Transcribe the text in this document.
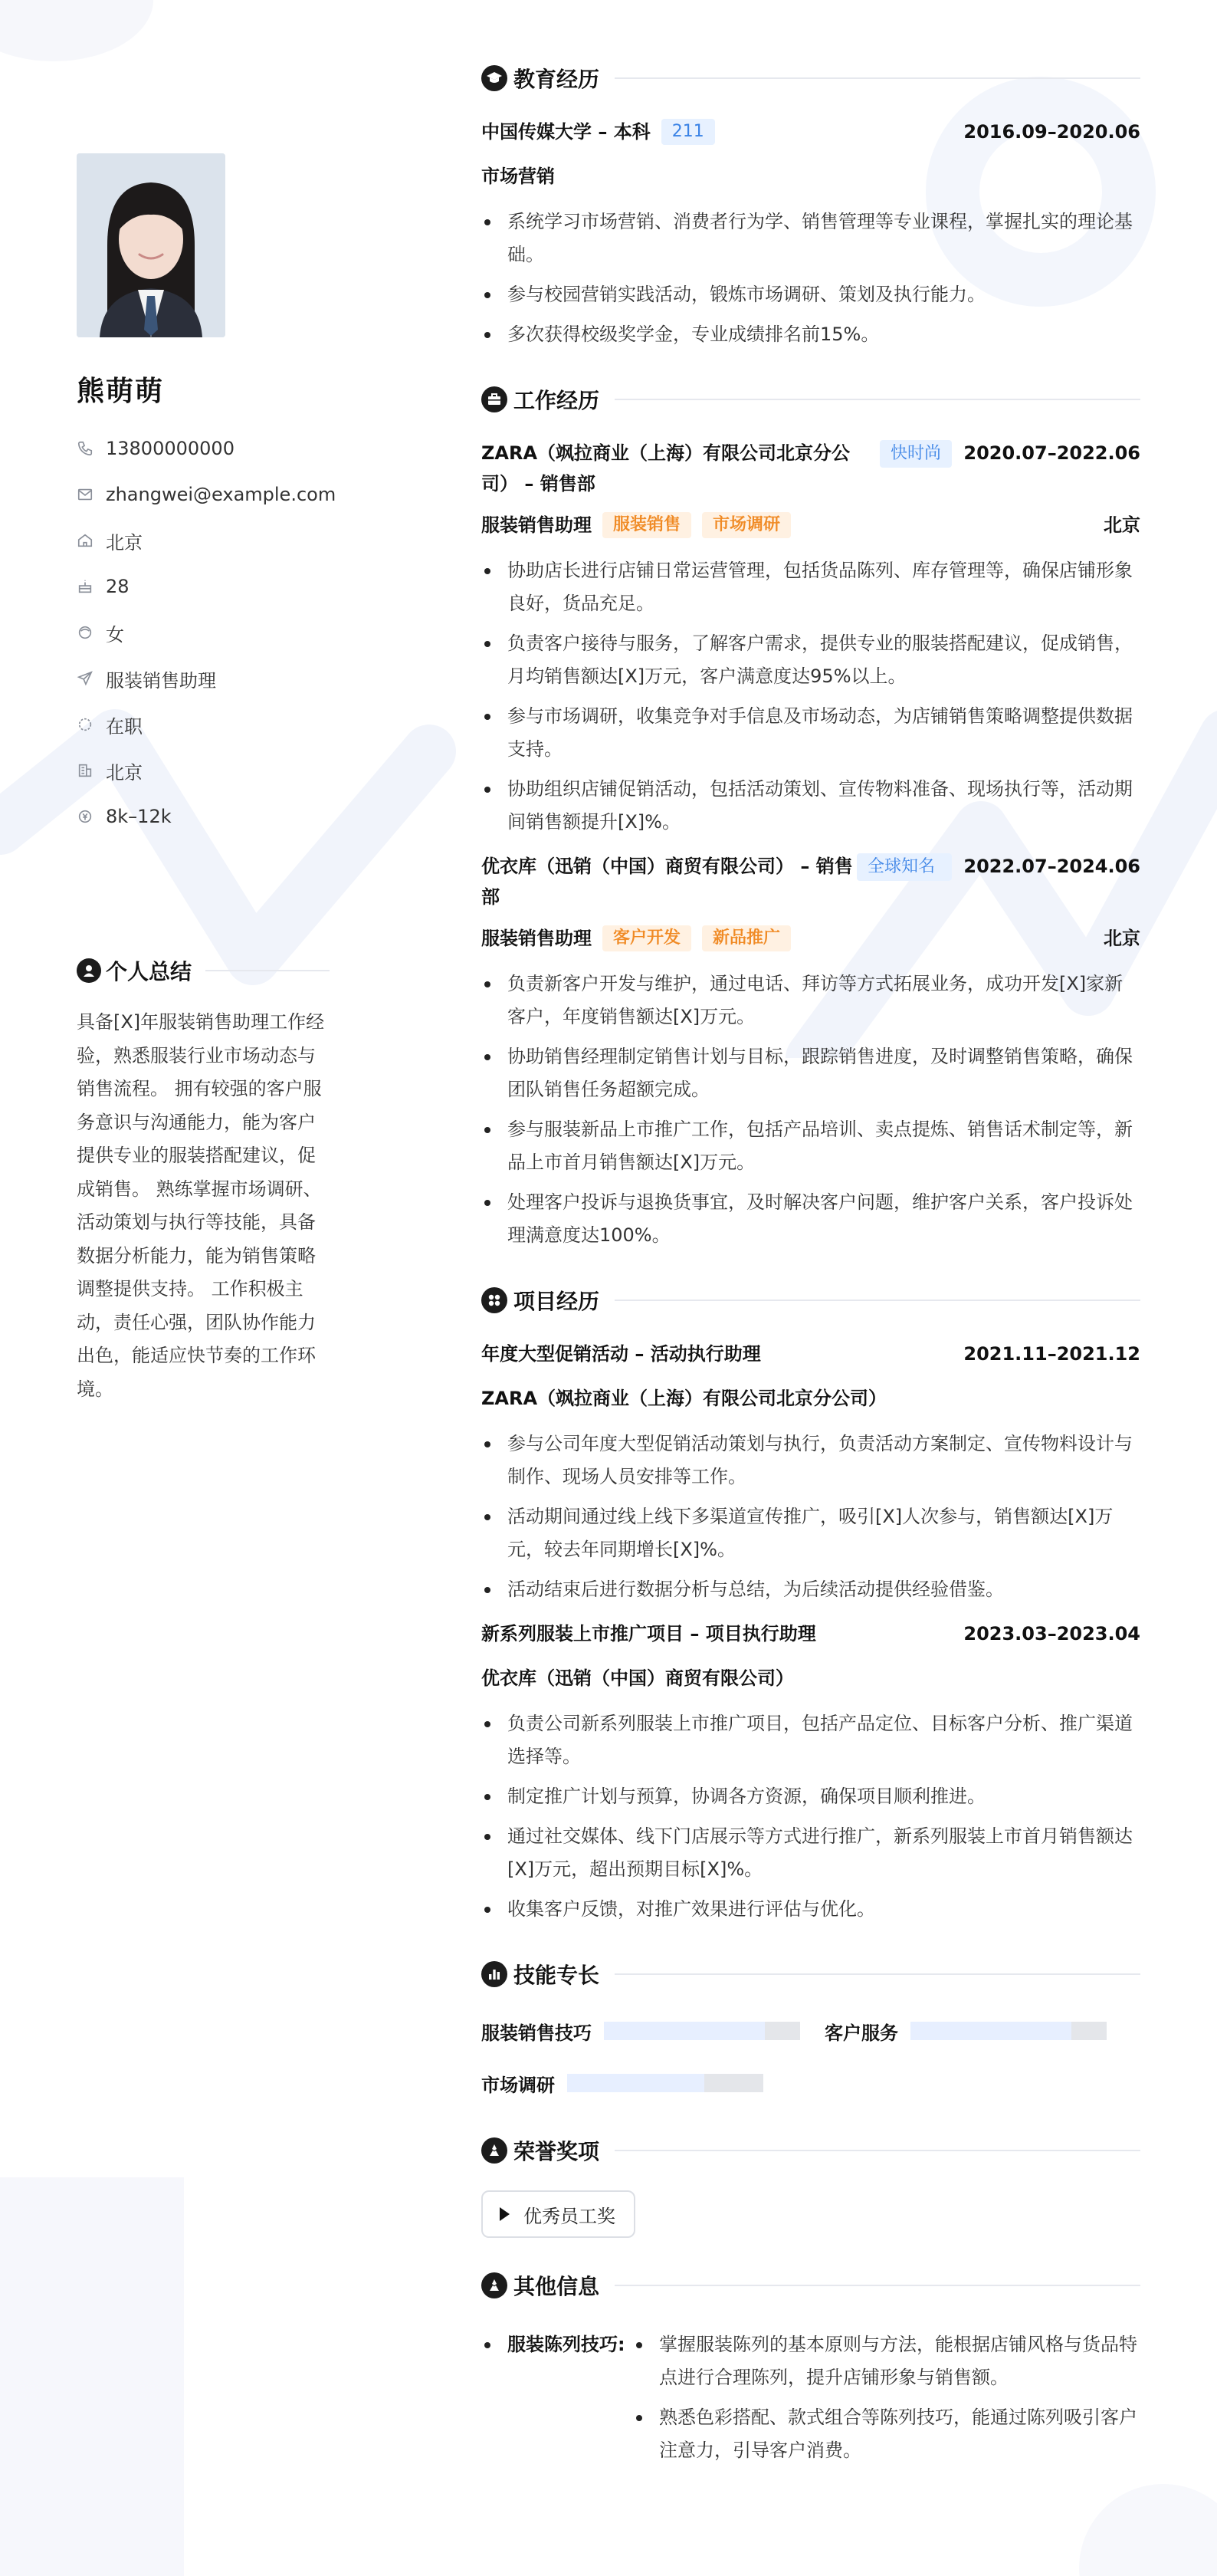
熊萌萌
13800000000
zhangwei@example.com
北京
28
女
服装销售助理
在职
北京
8k–12k
个人总结

具备[X]年服装销售助理工作经验，熟悉服装行业市场动态与销售流程。 拥有较强的客户服务意识与沟通能力，能为客户提供专业的服装搭配建议，促成销售。 熟练掌握市场调研、活动策划与执行等技能，具备数据分析能力，能为销售策略调整提供支持。 工作积极主动，责任心强，团队协作能力出色，能适应快节奏的工作环境。

教育经历
中国传媒大学 – 本科	211	2016.09–2020.06
市场营销
系统学习市场营销、消费者行为学、销售管理等专业课程，掌握扎实的理论基础。
参与校园营销实践活动，锻炼市场调研、策划及执行能力。
多次获得校级奖学金，专业成绩排名前15%。
工作经历
ZARA（飒拉商业（上海）有限公司北京分公司） – 销售部
快时尚	2020.07–2022.06
服装销售助理	服装销售	市场调研	北京
协助店长进行店铺日常运营管理，包括货品陈列、库存管理等，确保店铺形象良好，货品充足。
负责客户接待与服务，了解客户需求，提供专业的服装搭配建议，促成销售，月均销售额达[X]万元，客户满意度达95%以上。
参与市场调研，收集竞争对手信息及市场动态，为店铺销售策略调整提供数据支持。
协助组织店铺促销活动，包括活动策划、宣传物料准备、现场执行等，活动期间销售额提升[X]%。
优衣库（迅销（中国）商贸有限公司） – 销售部
全球知名	2022.07–2024.06
服装销售助理	客户开发	新品推广	北京
负责新客户开发与维护，通过电话、拜访等方式拓展业务，成功开发[X]家新客户，年度销售额达[X]万元。
协助销售经理制定销售计划与目标，跟踪销售进度，及时调整销售策略，确保团队销售任务超额完成。
参与服装新品上市推广工作，包括产品培训、卖点提炼、销售话术制定等，新品上市首月销售额达[X]万元。
处理客户投诉与退换货事宜，及时解决客户问题，维护客户关系，客户投诉处理满意度达100%。
项目经历
年度大型促销活动 – 活动执行助理	2021.11–2021.12
ZARA（飒拉商业（上海）有限公司北京分公司）
参与公司年度大型促销活动策划与执行，负责活动方案制定、宣传物料设计与制作、现场人员安排等工作。
活动期间通过线上线下多渠道宣传推广，吸引[X]人次参与，销售额达[X]万元，较去年同期增长[X]%。
活动结束后进行数据分析与总结，为后续活动提供经验借鉴。
新系列服装上市推广项目 – 项目执行助理	2023.03–2023.04
优衣库（迅销（中国）商贸有限公司）
负责公司新系列服装上市推广项目，包括产品定位、目标客户分析、推广渠道选择等。
制定推广计划与预算，协调各方资源，确保项目顺利推进。
通过社交媒体、线下门店展示等方式进行推广，新系列服装上市首月销售额达[X]万元，超出预期目标[X]%。
收集客户反馈，对推广效果进行评估与优化。
技能专长
服装销售技巧	客户服务
市场调研
荣誉奖项
优秀员工奖
其他信息
服装陈列技巧:	掌握服装陈列的基本原则与方法，能根据店铺风格与货品特点进行合理陈列，提升店铺形象与销售额。
熟悉色彩搭配、款式组合等陈列技巧，能通过陈列吸引客户注意力，引导客户消费。
